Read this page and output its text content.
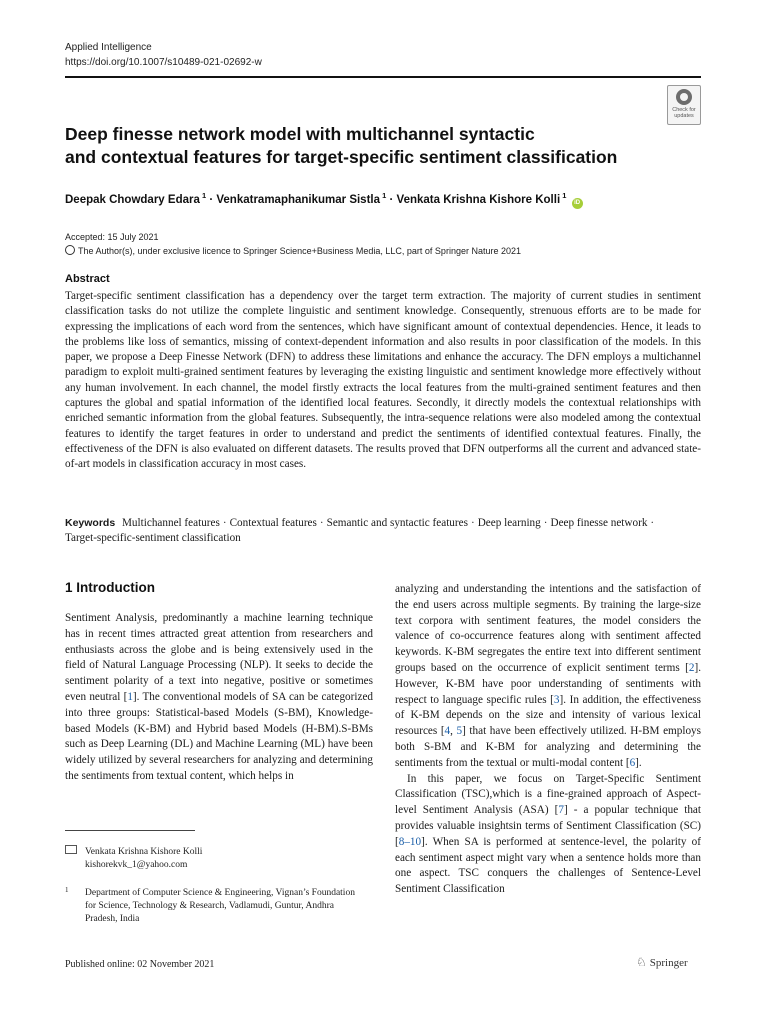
Applied Intelligence
https://doi.org/10.1007/s10489-021-02692-w
Check for
updates
Deep finesse network model with multichannel syntactic
and contextual features for target-specific sentiment classification
Deepak Chowdary Edara $^1$ · Venkatramaphanikumar Sistla $^1$ · Venkata Krishna Kishore Kolli $^1$ iD
Accepted: 15 July 2021
The Author(s), under exclusive licence to Springer Science+Business Media, LLC, part of Springer Nature 2021
Abstract
Target-specific sentiment classification has a dependency over the target term extraction. The majority of current studies in sentiment classification tasks do not utilize the complete linguistic and sentiment knowledge. Consequently, strenuous efforts are to be made for expressing the implications of each word from the sentences, which have significant amount of contextual dependencies. Hence, it leads to the problems like loss of semantics, missing of context-dependent information and also results in poor classification of the models. In this paper, we propose a Deep Finesse Network (DFN) to address these limitations and enhance the accuracy. The DFN employs a multichannel paradigm to exploit multi-grained sentiment features by leveraging the existing linguistic and sentiment knowledge more effectively without any human involvement. In each channel, the model firstly extracts the local features from the multi-grained sentiment features and then captures the global and spatial information of the identified local features. Secondly, it directly models the contextual relationships with enriched semantic information from the global features. Subsequently, the intra-sequence relations were also modeled among the contextual features to identify the target features in order to understand and predict the sentiments of identified contextual features. Finally, the effectiveness of the DFN is also evaluated on different datasets. The results proved that DFN outperforms all the current and advanced state-of-art models in classification accuracy in most cases.
Keywords Multichannel features · Contextual features · Semantic and syntactic features · Deep learning · Deep finesse network ·
Target-specific-sentiment classification
1 Introduction

Sentiment Analysis, predominantly a machine learning technique has in recent times attracted great attention from researchers and enthusiasts across the globe and is being extensively used in the field of Natural Language Processing (NLP). It seeks to decide the sentiment polarity of a text into negative, positive or sometimes even neutral [1]. The conventional models of SA can be categorized into three groups: Statistical-based Models (S-BM), Knowledge-based Models (K-BM) and Hybrid based Models (H-BM).S-BMs such as Deep Learning (DL) and Machine Learning (ML) have been widely utilized by several researchers for analyzing and determining the sentiments from textual content, which helps in

analyzing and understanding the intentions and the satisfaction of the end users across multiple segments. By training the large-size text corpora with sentiment features, the model considers the valence of co-occurrence features along with sentiment affected keywords. K-BM segregates the entire text into different sentiment groups based on the occurrence of explicit sentiment terms [2]. However, K-BM have poor understanding of sentiments with respect to language specific rules [3]. In addition, the effectiveness of K-BM depends on the size and intensity of various lexical resources [4, 5] that have been effectively utilized. H-BM employs both S-BM and K-BM for analyzing and determining the sentiments from the textual or multi-modal content [6].

In this paper, we focus on Target-Specific Sentiment Classification (TSC),which is a fine-grained approach of Aspect-level Sentiment Analysis (ASA) [7] - a popular technique that provides valuable insightsin terms of Sentiment Classification (SC) [8–10]. When SA is performed at sentence-level, the polarity of each sentiment aspect might vary when a sentence holds more than one aspect. TSC conquers the challenges of Sentence-Level Sentiment Classification

Venkata Krishna Kishore Kolli
kishorekvk_1@yahoo.com
1 Department of Computer Science & Engineering, Vignan’s Foundation for Science, Technology & Research, Vadlamudi, Guntur, Andhra Pradesh, India
Published online: 02 November 2021	♘ Springer
